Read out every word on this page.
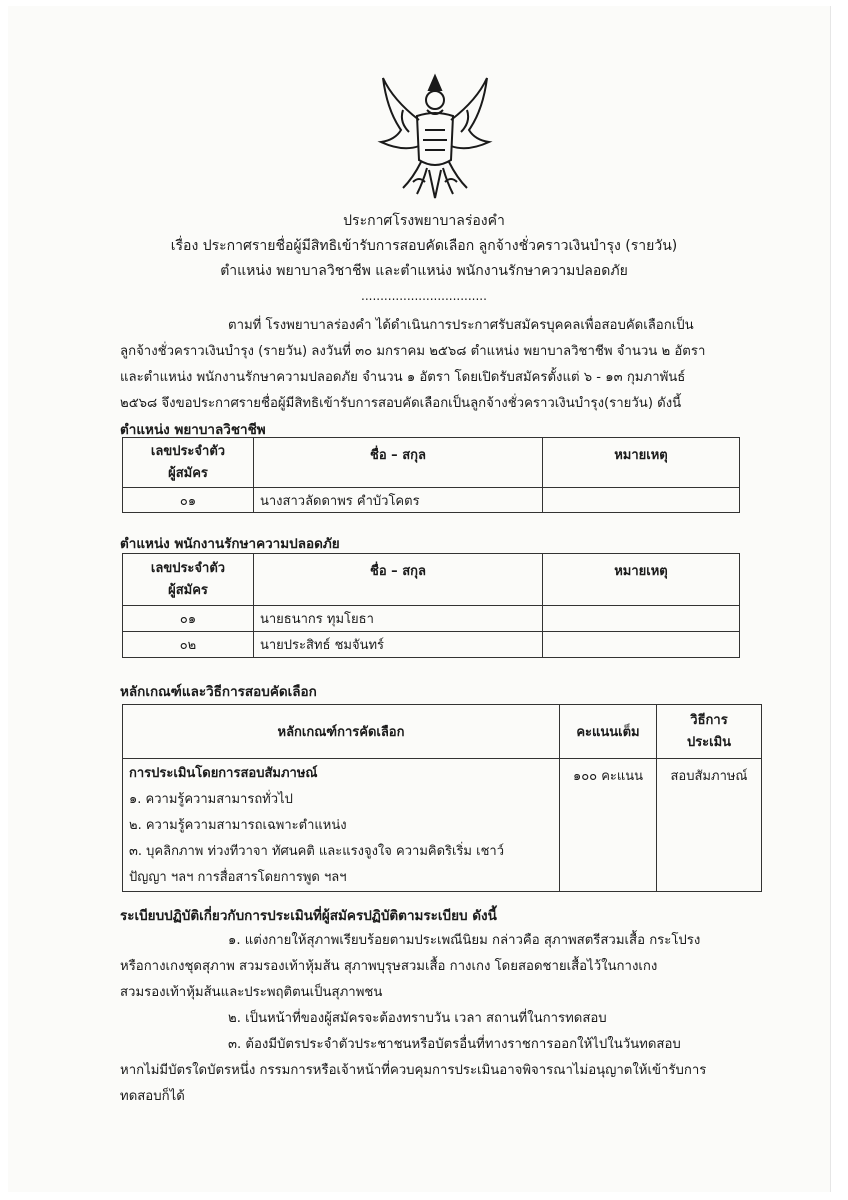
ประกาศโรงพยาบาลร่องคำ
เรื่อง ประกาศรายชื่อผู้มีสิทธิเข้ารับการสอบคัดเลือก ลูกจ้างชั่วคราวเงินบำรุง (รายวัน)
ตำแหน่ง พยาบาลวิชาชีพ และตำแหน่ง พนักงานรักษาความปลอดภัย
.................................
ตามที่ โรงพยาบาลร่องคำ ได้ดำเนินการประกาศรับสมัครบุคคลเพื่อสอบคัดเลือกเป็น
ลูกจ้างชั่วคราวเงินบำรุง (รายวัน) ลงวันที่ ๓๐ มกราคม ๒๕๖๘ ตำแหน่ง พยาบาลวิชาชีพ จำนวน ๒ อัตรา
และตำแหน่ง พนักงานรักษาความปลอดภัย จำนวน ๑ อัตรา โดยเปิดรับสมัครตั้งแต่ ๖ - ๑๓ กุมภาพันธ์
๒๕๖๘ จึงขอประกาศรายชื่อผู้มีสิทธิเข้ารับการสอบคัดเลือกเป็นลูกจ้างชั่วคราวเงินบำรุง(รายวัน) ดังนี้
ตำแหน่ง พยาบาลวิชาชีพ
เลขประจำตัว
ผู้สมัคร	ชื่อ – สกุล	หมายเหตุ
๐๑	นางสาวลัดดาพร คำบัวโคตร	
ตำแหน่ง พนักงานรักษาความปลอดภัย
เลขประจำตัว
ผู้สมัคร	ชื่อ – สกุล	หมายเหตุ
๐๑	นายธนากร ทุมโยธา	
๐๒	นายประสิทธ์ ชมจันทร์	
หลักเกณฑ์และวิธีการสอบคัดเลือก
หลักเกณฑ์การคัดเลือก	คะแนนเต็ม	วิธีการ
ประเมิน

การประเมินโดยการสอบสัมภาษณ์
๑. ความรู้ความสามารถทั่วไป
๒. ความรู้ความสามารถเฉพาะตำแหน่ง
๓. บุคลิกภาพ ท่วงทีวาจา ทัศนคติ และแรงจูงใจ ความคิดริเริ่ม เชาว์
ปัญญา ฯลฯ การสื่อสารโดยการพูด ฯลฯ	๑๐๐ คะแนน	สอบสัมภาษณ์
ระเบียบปฏิบัติเกี่ยวกับการประเมินที่ผู้สมัครปฏิบัติตามระเบียบ ดังนี้
๑. แต่งกายให้สุภาพเรียบร้อยตามประเพณีนิยม กล่าวคือ สุภาพสตรีสวมเสื้อ กระโปรง
หรือกางเกงชุดสุภาพ สวมรองเท้าหุ้มส้น สุภาพบุรุษสวมเสื้อ กางเกง โดยสอดชายเสื้อไว้ในกางเกง
สวมรองเท้าหุ้มส้นและประพฤติตนเป็นสุภาพชน
๒. เป็นหน้าที่ของผู้สมัครจะต้องทราบวัน เวลา สถานที่ในการทดสอบ
๓. ต้องมีบัตรประจำตัวประชาชนหรือบัตรอื่นที่ทางราชการออกให้ไปในวันทดสอบ
หากไม่มีบัตรใดบัตรหนึ่ง กรรมการหรือเจ้าหน้าที่ควบคุมการประเมินอาจพิจารณาไม่อนุญาตให้เข้ารับการ
ทดสอบก็ได้
